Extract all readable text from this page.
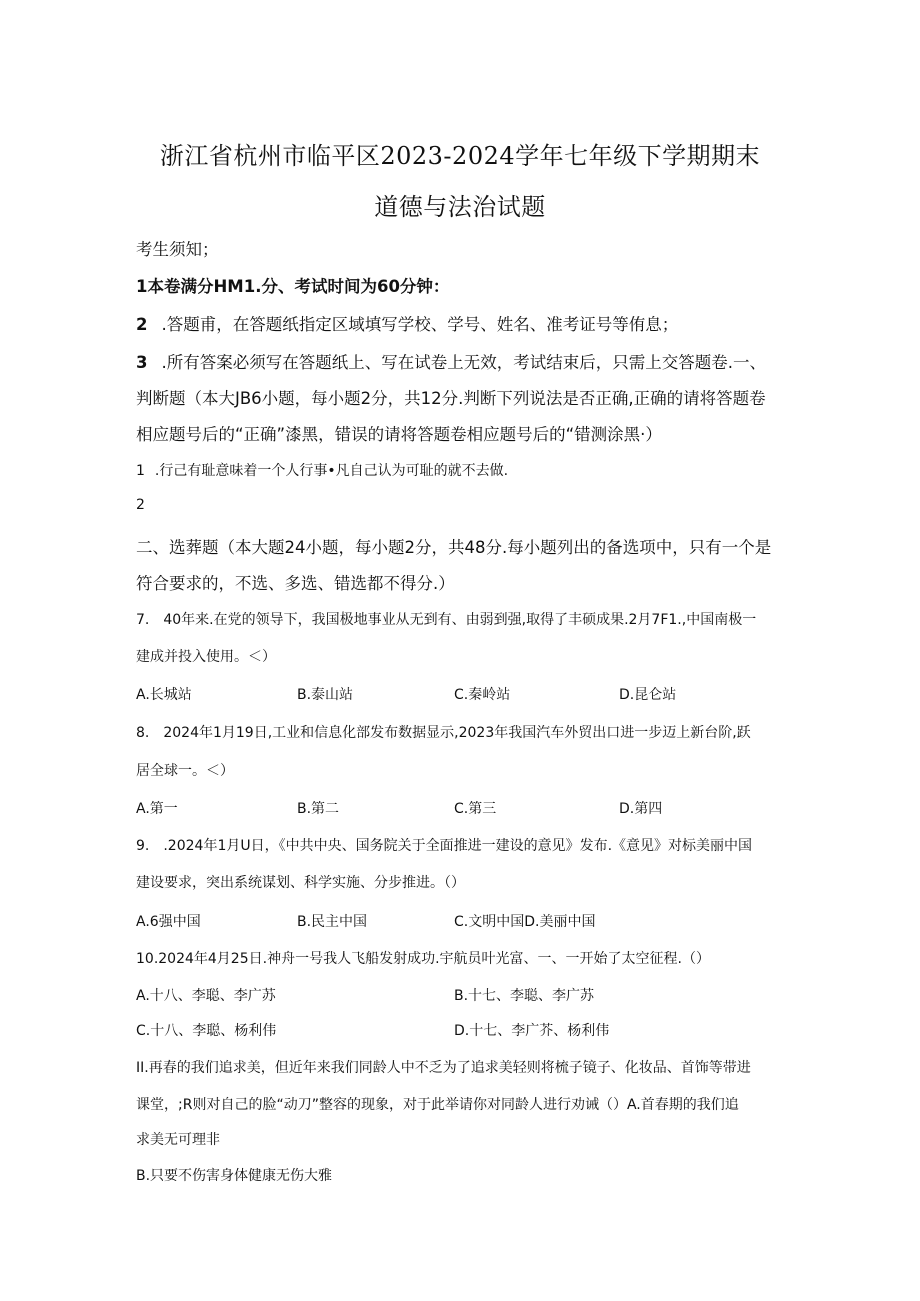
浙江省杭州市临平区2023-2024学年七年级下学期期末
道德与法治试题
考生须知；
1本卷满分HM1.分、考试时间为60分钟：
2 .答题甫，在答题纸指定区域填写学校、学号、姓名、准考证号等侑息；
3 .所有答案必须写在答题纸上、写在试卷上无效，考试结束后，只需上交答题卷.一、
判断题（本大JB6小题，每小题2分，共12分.判断下列说法是否正确,正确的请将答题卷
相应题号后的“正确”漆黑，错误的请将答题卷相应题号后的“错测涂黑·）
1 .行己有耻意味着一个人行事•凡自己认为可耻的就不去做.
2
二、选葬题（本大题24小题，每小题2分，共48分.每小题列出的备选项中，只有一个是
符合要求的，不选、多选、错选都不得分.）
7. 40年来.在党的领导下，我国极地事业从无到有、由弱到强,取得了丰硕成果.2月7F1.,中国南极一
建成并投入使用。＜）
A.长城站	B.泰山站	C.秦岭站	D.昆仑站
8. 2024年1月19日,工业和信息化部发布数据显示,2023年我国汽车外贸出口进一步迈上新台阶,跃
居全球一。＜）
A.第一	B.第二	C.第三	D.第四
9. .2024年1月U日，《中共中央、国务院关于全面推进一建设的意见》发布.《意见》对标美丽中国
建设要求，突出系统谋划、科学实施、分步推进。（）
A.6强中国	B.民主中国	C.文明中国D.美丽中国
10.2024年4月25日.神舟一号我人飞船发射成功.宇航员叶光富、一、一开始了太空征程.（）
A.十八、李聪、李广苏	B.十七、李聪、李广苏
C.十八、李聪、杨利伟	D.十七、李广芥、杨利伟
II.再春的我们追求美，但近年来我们同龄人中不乏为了追求美轻则将梳子镜子、化妆品、首饰等带进
课堂，;R则对自己的脸“动刀”整容的现象，对于此举请你对同龄人进行劝诫（）A.首春期的我们追
求美无可理非
B.只要不伤害身体健康无伤大雅
